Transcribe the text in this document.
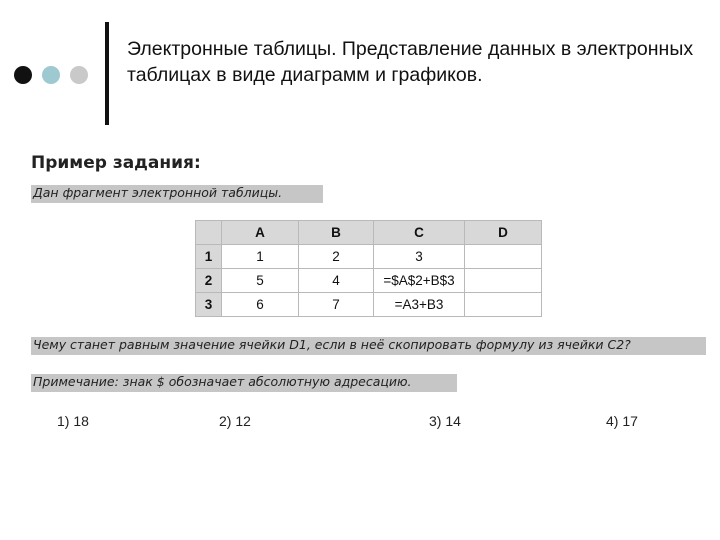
Электронные таблицы. Представление данных в электронных таблицах в виде диаграмм и графиков.
Пример задания:
Дан фрагмент электронной таблицы.
	A	B	C	D
1	1	2	3	
2	5	4	=$A$2+B$3	
3	6	7	=A3+B3	
Чему станет равным значение ячейки D1, если в неё скопировать формулу из ячейки C2?
Примечание: знак $ обозначает абсолютную адресацию.
1) 18	2) 12	3) 14	4) 17
